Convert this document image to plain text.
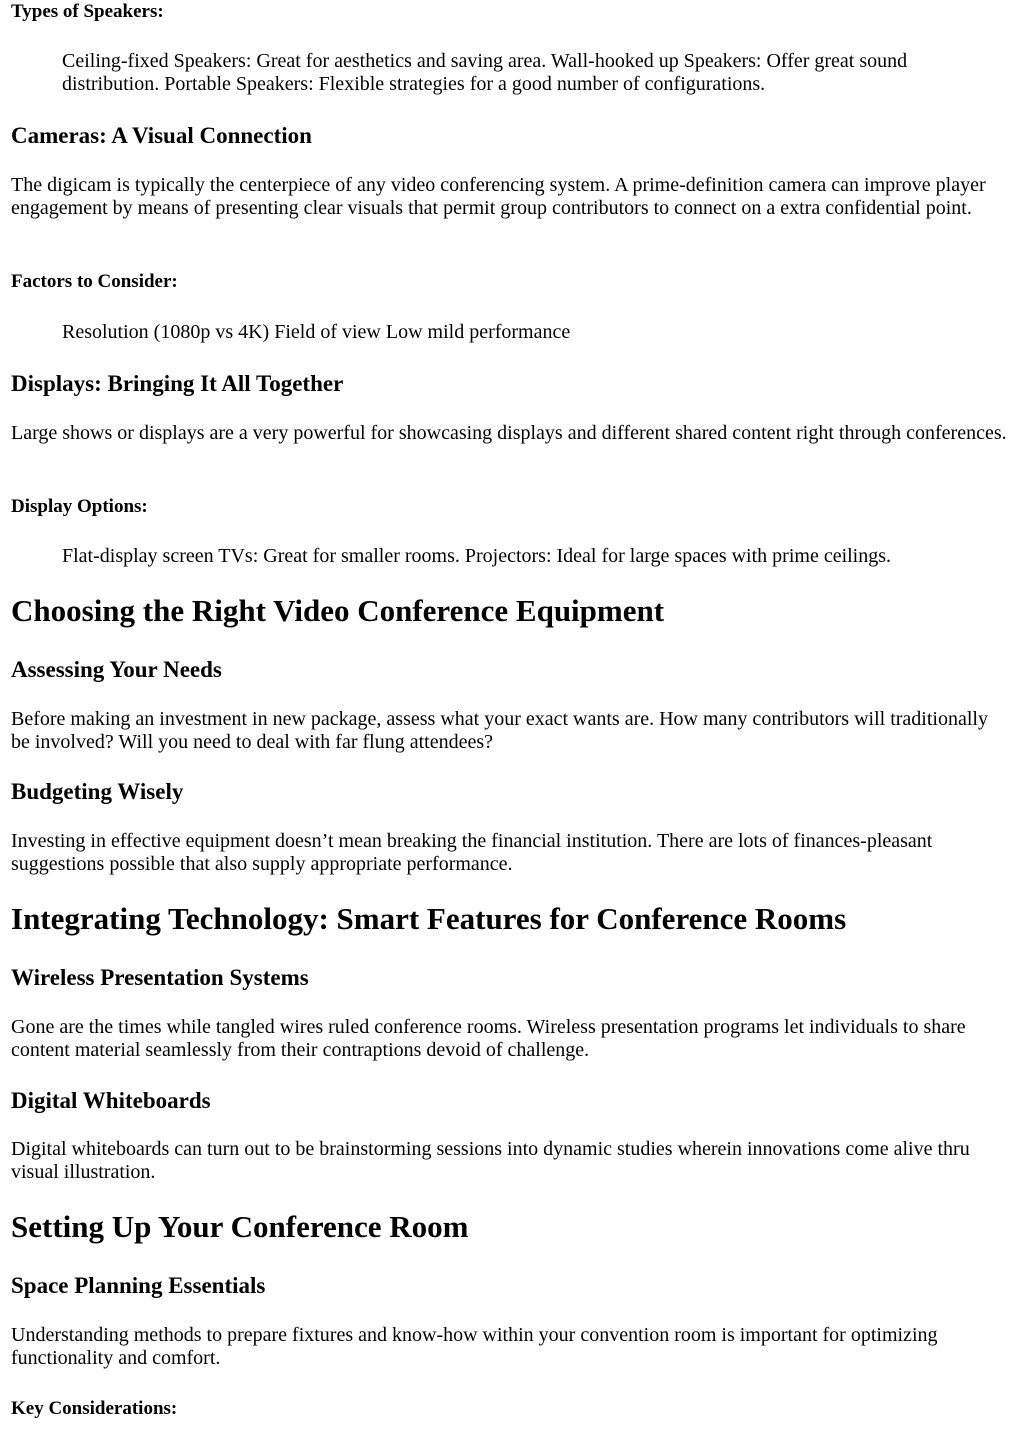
Types of Speakers:

Ceiling-fixed Speakers: Great for aesthetics and saving area. Wall-hooked up Speakers: Offer great sound distribution. Portable Speakers: Flexible strategies for a good number of configurations.

Cameras: A Visual Connection

The digicam is typically the centerpiece of any video conferencing system. A prime-definition camera can improve player engagement by means of presenting clear visuals that permit group contributors to connect on a extra confidential point.

Factors to Consider:

Resolution (1080p vs 4K) Field of view Low mild performance

Displays: Bringing It All Together

Large shows or displays are a very powerful for showcasing displays and different shared content right through conferences.

Display Options:

Flat-display screen TVs: Great for smaller rooms. Projectors: Ideal for large spaces with prime ceilings.

Choosing the Right Video Conference Equipment
Assessing Your Needs

Before making an investment in new package, assess what your exact wants are. How many contributors will traditionally be involved? Will you need to deal with far flung attendees?

Budgeting Wisely

Investing in effective equipment doesn’t mean breaking the financial institution. There are lots of finances-pleasant suggestions possible that also supply appropriate performance.

Integrating Technology: Smart Features for Conference Rooms
Wireless Presentation Systems

Gone are the times while tangled wires ruled conference rooms. Wireless presentation programs let individuals to share content material seamlessly from their contraptions devoid of challenge.

Digital Whiteboards

Digital whiteboards can turn out to be brainstorming sessions into dynamic studies wherein innovations come alive thru visual illustration.

Setting Up Your Conference Room
Space Planning Essentials

Understanding methods to prepare fixtures and know-how within your convention room is important for optimizing functionality and comfort.

Key Considerations:
